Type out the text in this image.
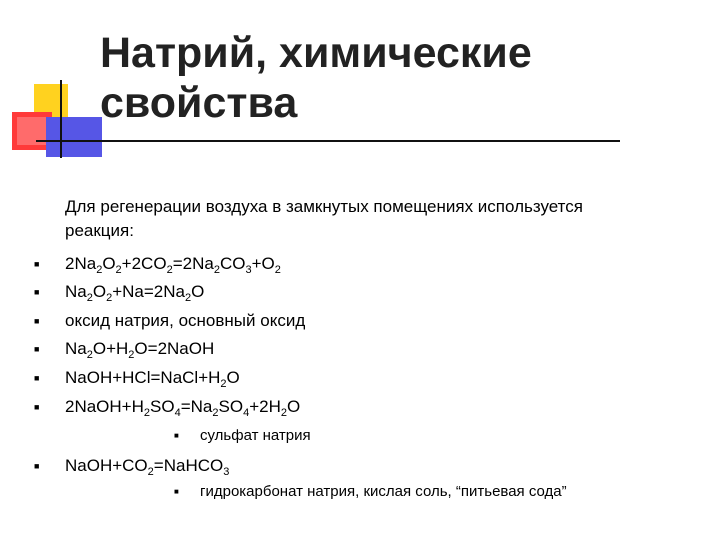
Натрий, химические
свойства
Для регенерации воздуха в замкнутых помещениях используется
реакция:
■ $2Na_2O_2+2CO_2=2Na_2CO_3+O_2$
■ $Na_2O_2+Na=2Na_2O$
■ оксид натрия, основный оксид
■ $Na_2O+H_2O=2NaOH$
■ $NaOH+HCl=NaCl+H_2O$
■ $2NaOH+H_2SO_4=Na_2SO_4+2H_2O$
■ сульфат натрия
■ $NaOH+CO_2=NaHCO_3$
■ гидрокарбонат натрия, кислая соль, “питьевая сода”
